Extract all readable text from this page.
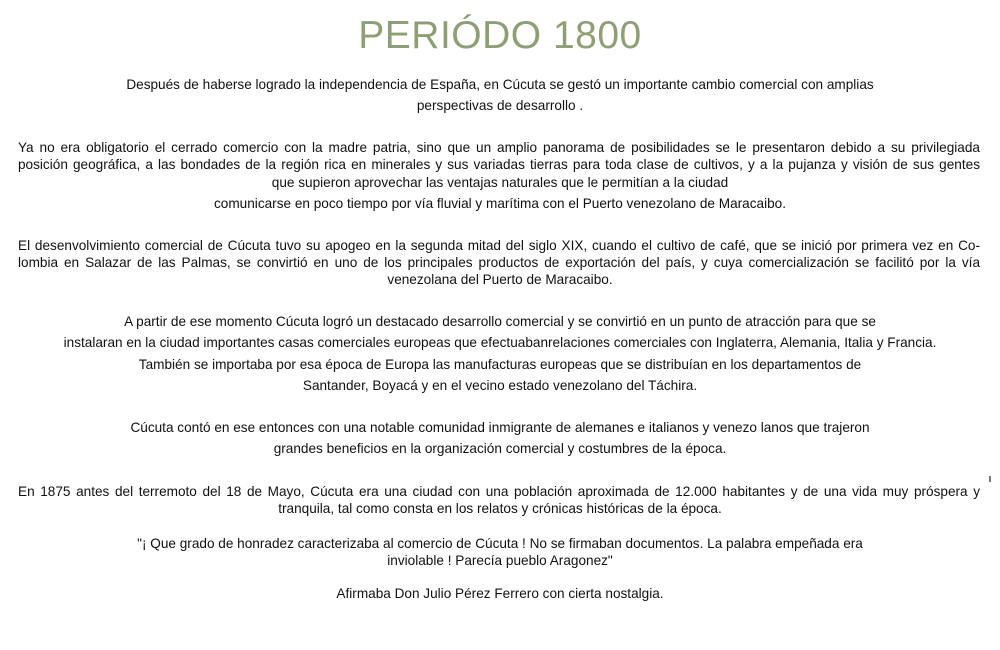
PERIÓDO 1800
Después de haberse logrado la independencia de España, en Cúcuta se gestó un importante cambio comercial con amplias
perspectivas de desarrollo .
Ya no era obligatorio el cerrado comercio con la madre patria, sino que un amplio panorama de posibilidades se le presentaron debido a su privilegiada
posición geográfica, a las bondades de la región rica en minerales y sus variadas tierras para toda clase de cultivos, y a la pujanza y visión de sus gentes
que supieron aprovechar las ventajas naturales que le permitían a la ciudad
comunicarse en poco tiempo por vía fluvial y marítima con el Puerto venezolano de Maracaibo.
El desenvolvimiento comercial de Cúcuta tuvo su apogeo en la segunda mitad del siglo XIX, cuando el cultivo de café, que se inició por primera vez en Co-
lombia en Salazar de las Palmas, se convirtió en uno de los principales productos de exportación del país, y cuya comercialización se facilitó por la vía
venezolana del Puerto de Maracaibo.
A partir de ese momento Cúcuta logró un destacado desarrollo comercial y se convirtió en un punto de atracción para que se
instalaran en la ciudad importantes casas comerciales europeas que efectuabanrelaciones comerciales con Inglaterra, Alemania, Italia y Francia.
También se importaba por esa época de Europa las manufacturas europeas que se distribuían en los departamentos de
Santander, Boyacá y en el vecino estado venezolano del Táchira.
Cúcuta contó en ese entonces con una notable comunidad inmigrante de alemanes e italianos y venezo lanos que trajeron
grandes beneficios en la organización comercial y costumbres de la época.
En 1875 antes del terremoto del 18 de Mayo, Cúcuta era una ciudad con una población aproximada de 12.000 habitantes y de una vida muy próspera y
tranquila, tal como consta en los relatos y crónicas históricas de la época.
"¡ Que grado de honradez caracterizaba al comercio de Cúcuta ! No se firmaban documentos. La palabra empeñada era
inviolable ! Parecía pueblo Aragonez"
Afirmaba Don Julio Pérez Ferrero con cierta nostalgia.
